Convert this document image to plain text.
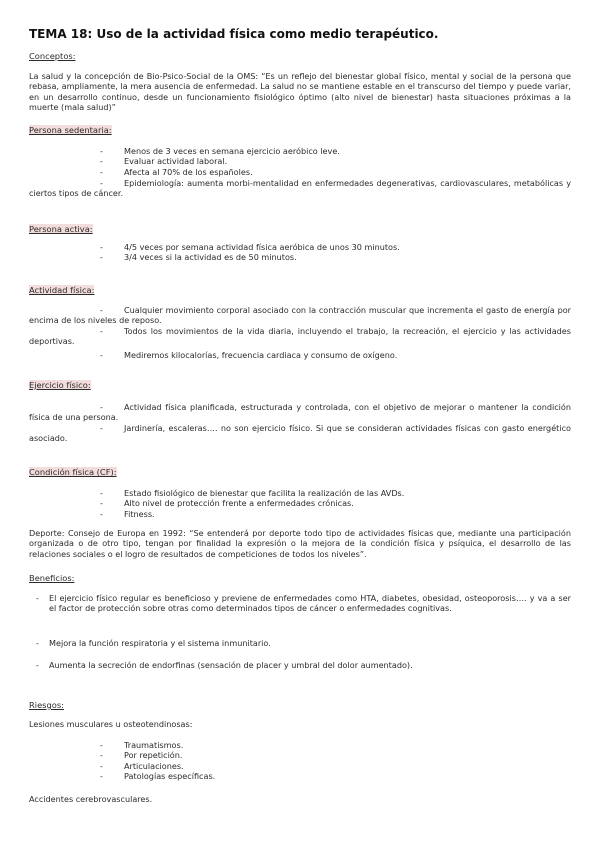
TEMA 18: Uso de la actividad física como medio terapéutico.

Conceptos:

La salud y la concepción de Bio-Psico-Social de la OMS: “Es un reflejo del bienestar global físico, mental y social de la persona que rebasa, ampliamente, la mera ausencia de enfermedad. La salud no se mantiene estable en el transcurso del tiempo y puede variar, en un desarrollo continuo, desde un funcionamiento fisiológico óptimo (alto nivel de bienestar) hasta situaciones próximas a la muerte (mala salud)”

Persona sedentaria:

- Menos de 3 veces en semana ejercicio aeróbico leve.
- Evaluar actividad laboral.
- Afecta al 70% de los españoles.
- Epidemiología: aumenta morbi-mentalidad en enfermedades degenerativas, cardiovasculares, metabólicas y ciertos tipos de cáncer.

Persona activa:

- 4/5 veces por semana actividad física aeróbica de unos 30 minutos.
- 3/4 veces si la actividad es de 50 minutos.

Actividad física:

- Cualquier movimiento corporal asociado con la contracción muscular que incrementa el gasto de energía por encima de los niveles de reposo.
- Todos los movimientos de la vida diaria, incluyendo el trabajo, la recreación, el ejercicio y las actividades deportivas.
- Mediremos kilocalorías, frecuencia cardiaca y consumo de oxígeno.

Ejercicio físico:

- Actividad física planificada, estructurada y controlada, con el objetivo de mejorar o mantener la condición física de una persona.
- Jardinería, escaleras…. no son ejercicio físico. Si que se consideran actividades físicas con gasto energético asociado.

Condición física (CF):

- Estado fisiológico de bienestar que facilita la realización de las AVDs.
- Alto nivel de protección frente a enfermedades crónicas.
- Fitness.

Deporte: Consejo de Europa en 1992: “Se entenderá por deporte todo tipo de actividades físicas que, mediante una participación organizada o de otro tipo, tengan por finalidad la expresión o la mejora de la condición física y psíquica, el desarrollo de las relaciones sociales o el logro de resultados de competiciones de todos los niveles”.

Beneficios:

- El ejercicio físico regular es beneficioso y previene de enfermedades como HTA, diabetes, obesidad, osteoporosis…. y va a ser el factor de protección sobre otras como determinados tipos de cáncer o enfermedades cognitivas.
- Mejora la función respiratoria y el sistema inmunitario.
- Aumenta la secreción de endorfinas (sensación de placer y umbral del dolor aumentado).

Riesgos:

Lesiones musculares u osteotendinosas:

- Traumatismos.
- Por repetición.
- Articulaciones.
- Patologías específicas.

Accidentes cerebrovasculares.
